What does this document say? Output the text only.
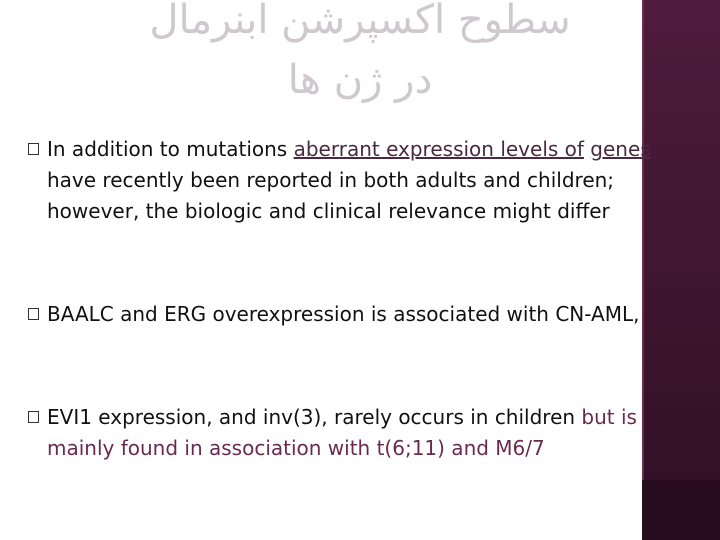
سطوح اکسپرشن ابنرمال
در ژن ها
In addition to mutations aberrant expression levels of genes have recently been reported in both adults and children; however, the biologic and clinical relevance might differ
BAALC and ERG overexpression is associated with CN-AML,
EVI1 expression, and inv(3), rarely occurs in children but is mainly found in association with t(6;11) and M6/7
